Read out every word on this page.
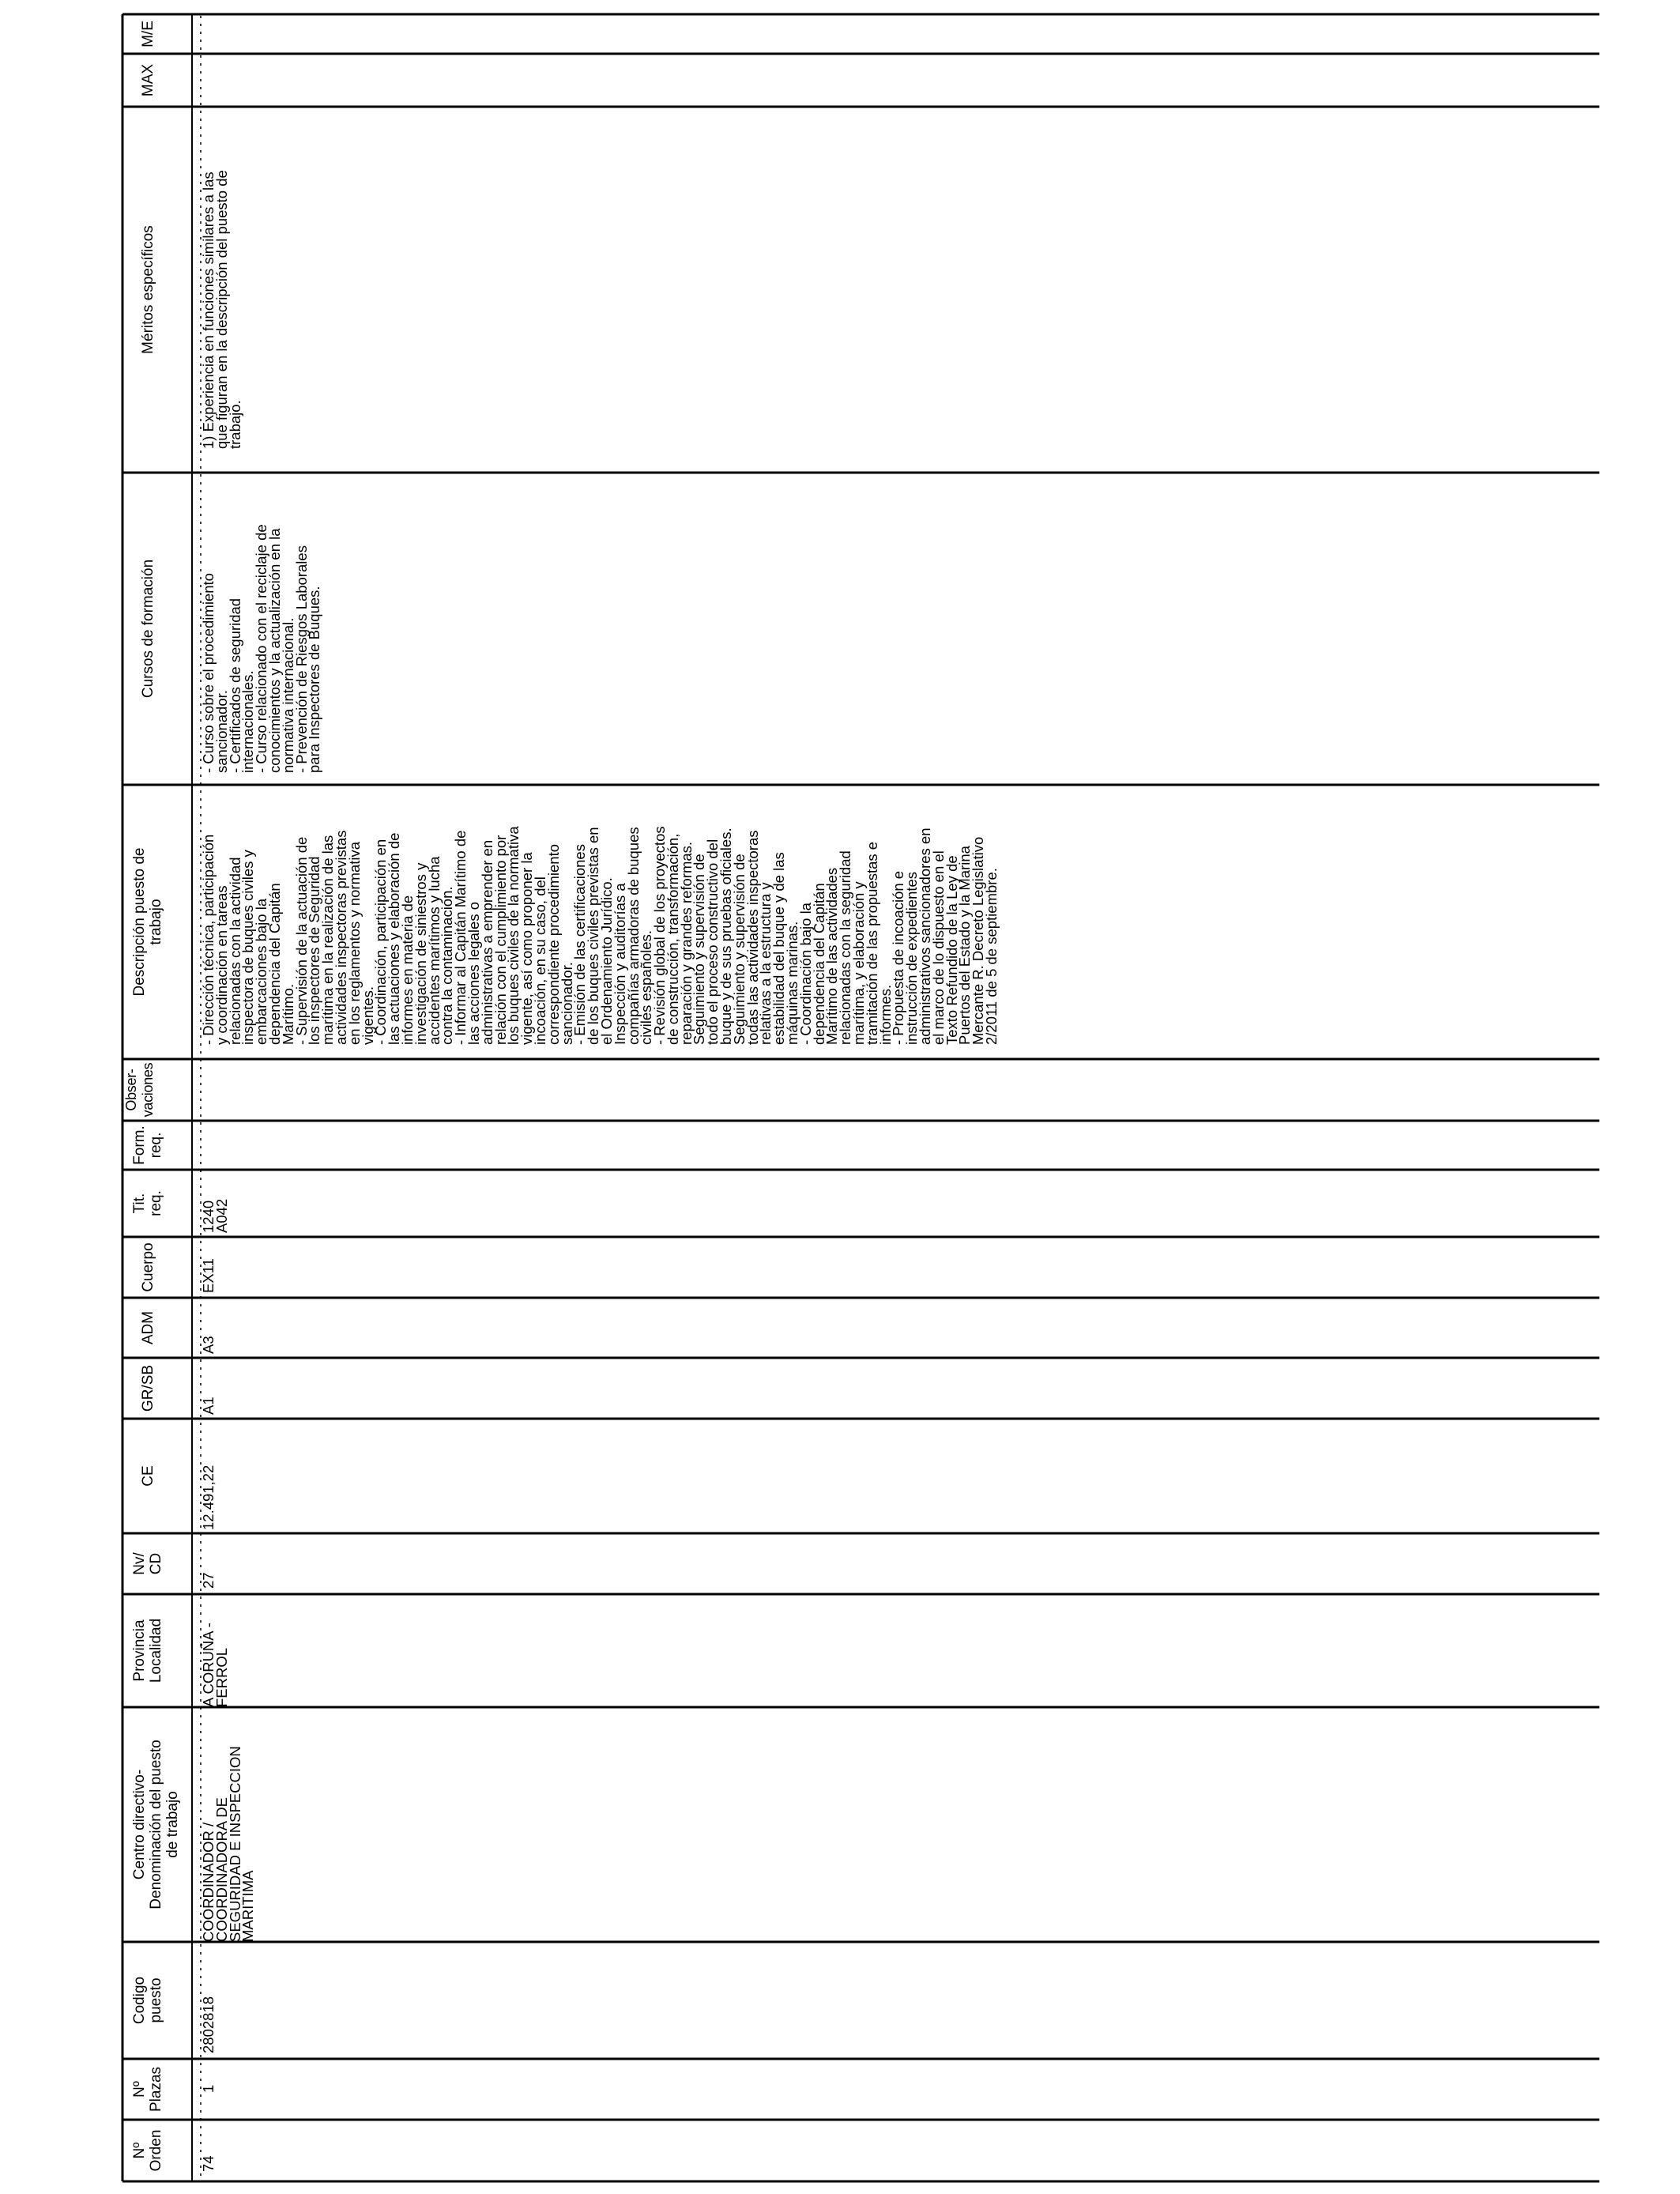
M/E
MAX
Méritos específicos
Cursos de formación
Descripción puesto de
trabajo
Obser-
vaciones
Form.
req.
Tit.
req.
Cuerpo
ADM
GR/SB
CE
Nv/
CD
Provincia
Localidad
Centro directivo-
Denominación del puesto
de trabajo
Codigo
puesto
Nº
Plazas
Nº
Orden
1) Experiencia en funciones similares a las
que figuran en la descripción del puesto de
trabajo.
- Curso sobre el procedimiento
sancionador.
- Certificados de seguridad
internacionales.
- Curso relacionado con el reciclaje de
conocimientos y la actualización en la
normativa internacional.
- Prevención de Riesgos Laborales
para Inspectores de Buques.
- Dirección técnica, participación
y coordinación en tareas
relacionadas con la actividad
inspectora de buques civiles y
embarcaciones bajo la
dependencia del Capitán
Marítimo.
- Supervisión de la actuación de
los inspectores de Seguridad
marítima en la realización de las
actividades inspectoras previstas
en los reglamentos y normativa
vigentes.
- Coordinación, participación en
las actuaciones y elaboración de
informes en materia de
investigación de siniestros y
accidentes marítimos y lucha
contra la contaminación.
- Informar al Capitán Marítimo de
las acciones legales o
administrativas a emprender en
relación con el cumplimiento por
los buques civiles de la normativa
vigente, así como proponer la
incoación, en su caso, del
correspondiente procedimiento
sancionador.
- Emisión de las certificaciones
de los buques civiles previstas en
el Ordenamiento Jurídico.
Inspección y auditorías a
compañías armadoras de buques
civiles españoles.
- Revisión global de los proyectos
de construcción, transformación,
reparación y grandes reformas.
Seguimiento y supervisión de
todo el proceso constructivo del
buque y de sus pruebas oficiales.
Seguimiento y supervisión de
todas las actividades inspectoras
relativas a la estructura y
estabilidad del buque y de las
máquinas marinas.
- Coordinación bajo la
dependencia del Capitán
Marítimo de las actividades
relacionadas con la seguridad
marítima, y elaboración y
tramitación de las propuestas e
informes.
- Propuesta de incoación e
instrucción de expedientes
administrativos sancionadores en
el marco de lo dispuesto en el
Texto Refundido de la Ley de
Puertos del Estado y la Marina
Mercante R. Decreto Legislativo
2/2011 de 5 de septiembre.
1240
A042
EX11
A3
A1
12.491,22
27
A CORUÑA -
FERROL
COORDINADOR /
COORDINADORA DE
SEGURIDAD E INSPECCION
MARITIMA
2802818
1
74
